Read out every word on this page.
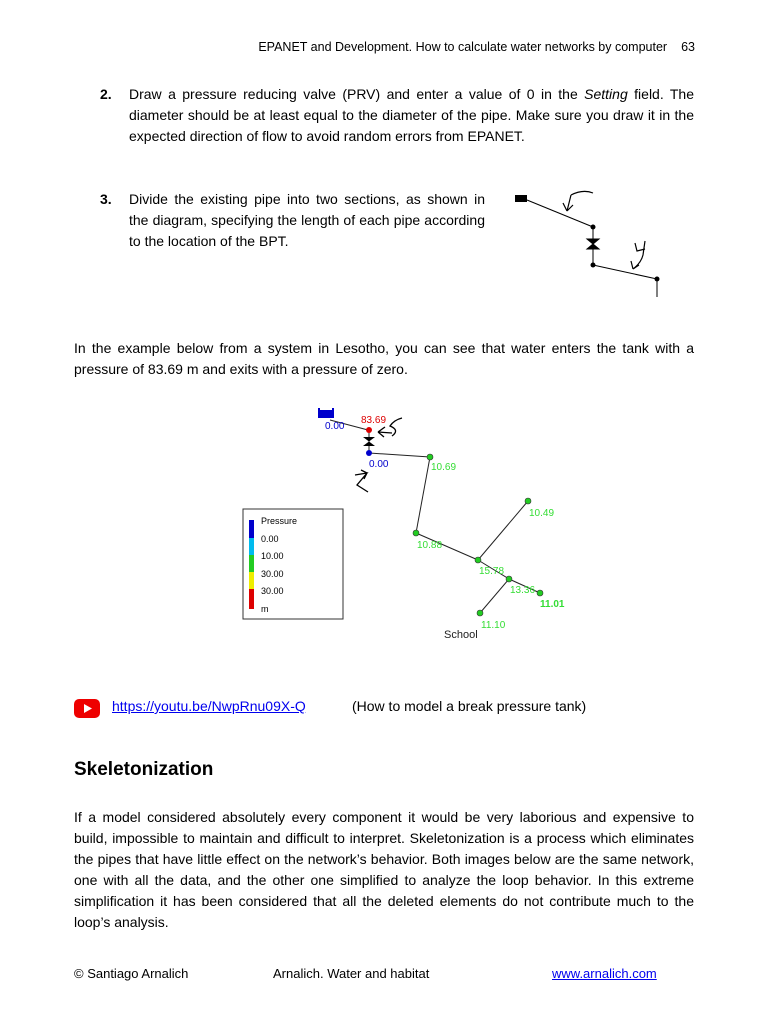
EPANET and Development. How to calculate water networks by computer 63
2. Draw a pressure reducing valve (PRV) and enter a value of 0 in the Setting field. The diameter should be at least equal to the diameter of the pipe. Make sure you draw it in the expected direction of flow to avoid random errors from EPANET.
3. Divide the existing pipe into two sections, as shown in the diagram, specifying the length of each pipe according to the location of the BPT.
In the example below from a system in Lesotho, you can see that water enters the tank with a pressure of 83.69 m and exits with a pressure of zero.
0.00
83.69
0.00	10.69
10.88
10.49
15.78
13.36
11.01
11.10
School
Pressure
0.00
10.00
30.00
30.00
m
https://youtu.be/NwpRnu09X-Q	(How to model a break pressure tank)
Skeletonization
If a model considered absolutely every component it would be very laborious and expensive to build, impossible to maintain and difficult to interpret. Skeletonization is a process which eliminates the pipes that have little effect on the network’s behavior. Both images below are the same network, one with all the data, and the other one simplified to analyze the loop behavior. In this extreme simplification it has been considered that all the deleted elements do not contribute much to the loop’s analysis.
© Santiago Arnalich	Arnalich. Water and habitat	www.arnalich.com
